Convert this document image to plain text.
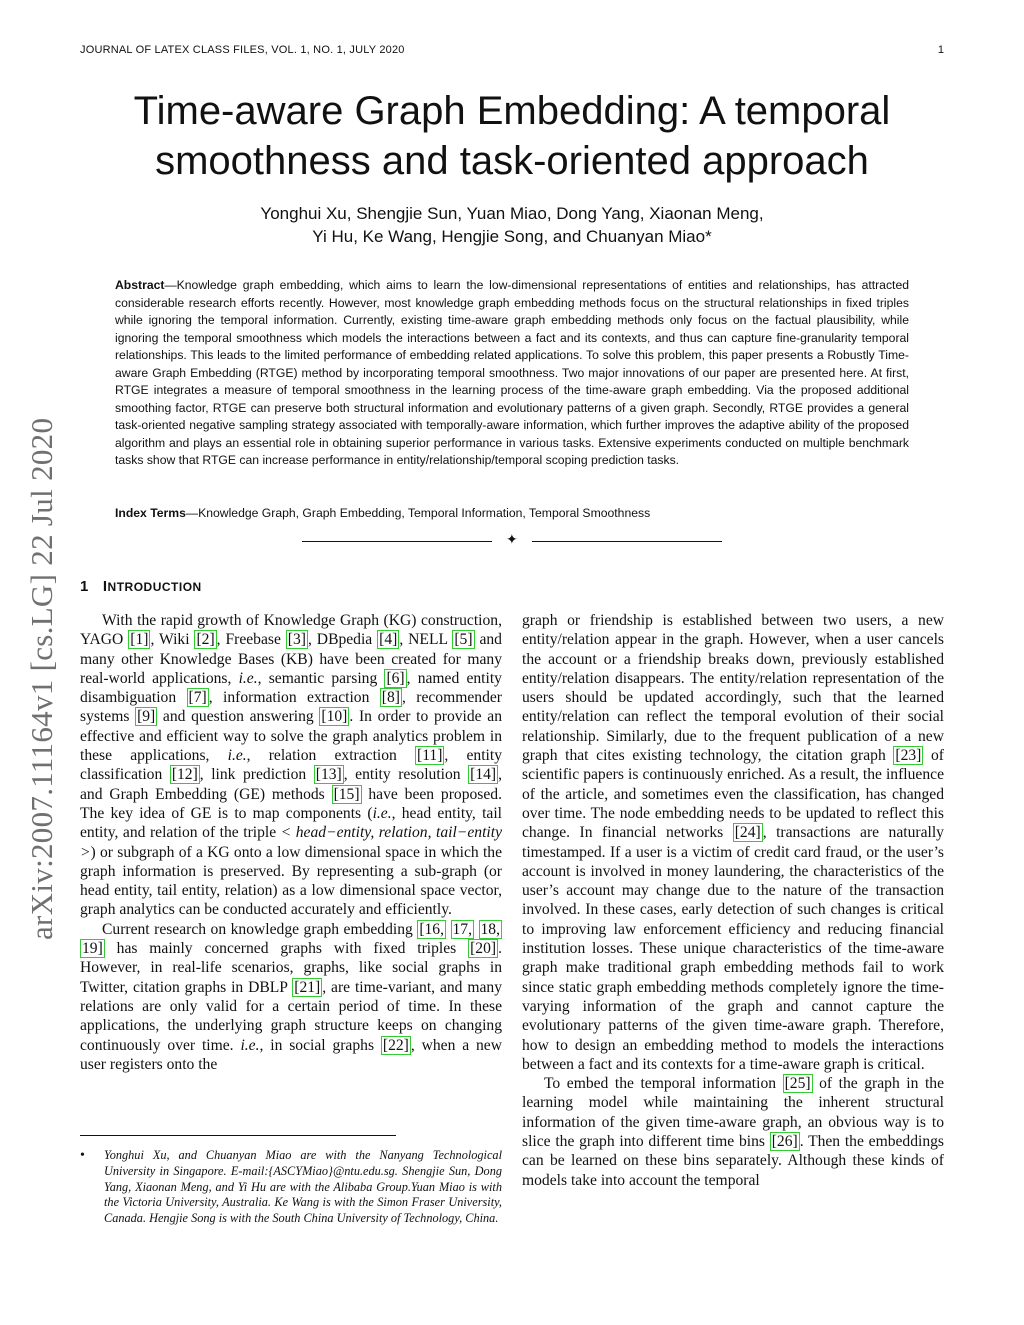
JOURNAL OF LATEX CLASS FILES, VOL. 1, NO. 1, JULY 2020	1
arXiv:2007.11164v1 [cs.LG] 22 Jul 2020
Time-aware Graph Embedding: A temporal
smoothness and task-oriented approach
Yonghui Xu, Shengjie Sun, Yuan Miao, Dong Yang, Xiaonan Meng,
Yi Hu, Ke Wang, Hengjie Song, and Chuanyan Miao*
Abstract—Knowledge graph embedding, which aims to learn the low-dimensional representations of entities and relationships, has attracted considerable research efforts recently. However, most knowledge graph embedding methods focus on the structural relationships in fixed triples while ignoring the temporal information. Currently, existing time-aware graph embedding methods only focus on the factual plausibility, while ignoring the temporal smoothness which models the interactions between a fact and its contexts, and thus can capture fine-granularity temporal relationships. This leads to the limited performance of embedding related applications. To solve this problem, this paper presents a Robustly Time-aware Graph Embedding (RTGE) method by incorporating temporal smoothness. Two major innovations of our paper are presented here. At first, RTGE integrates a measure of temporal smoothness in the learning process of the time-aware graph embedding. Via the proposed additional smoothing factor, RTGE can preserve both structural information and evolutionary patterns of a given graph. Secondly, RTGE provides a general task-oriented negative sampling strategy associated with temporally-aware information, which further improves the adaptive ability of the proposed algorithm and plays an essential role in obtaining superior performance in various tasks. Extensive experiments conducted on multiple benchmark tasks show that RTGE can increase performance in entity/relationship/temporal scoping prediction tasks.
Index Terms—Knowledge Graph, Graph Embedding, Temporal Information, Temporal Smoothness
✦
1 INTRODUCTION

With the rapid growth of Knowledge Graph (KG) construction, YAGO [1] , Wiki [2] , Freebase [3] , DBpedia [4] , NELL [5] and many other Knowledge Bases (KB) have been created for many real-world applications, i.e., semantic parsing [6] , named entity disambiguation [7] , information extraction [8] , recommender systems [9] and question answering [10] . In order to provide an effective and efficient way to solve the graph analytics problem in these applications, i.e., relation extraction [11] , entity classification [12] , link prediction [13] , entity resolution [14] , and Graph Embedding (GE) methods [15] have been proposed. The key idea of GE is to map components (i.e., head entity, tail entity, and relation of the triple < head−entity, relation, tail−entity >) or subgraph of a KG onto a low dimensional space in which the graph information is preserved. By representing a sub-graph (or head entity, tail entity, relation) as a low dimensional space vector, graph analytics can be conducted accurately and efficiently.

Current research on knowledge graph embedding [16, 17, 18, 19] has mainly concerned graphs with fixed triples [20] . However, in real-life scenarios, graphs, like social graphs in Twitter, citation graphs in DBLP [21] , are time-variant, and many relations are only valid for a certain period of time. In these applications, the underlying graph structure keeps on changing continuously over time. i.e., in social graphs [22] , when a new user registers onto the

graph or friendship is established between two users, a new entity/relation appear in the graph. However, when a user cancels the account or a friendship breaks down, previously established entity/relation disappears. The entity/relation representation of the users should be updated accordingly, such that the learned entity/relation can reflect the temporal evolution of their social relationship. Similarly, due to the frequent publication of a new graph that cites existing technology, the citation graph [23] of scientific papers is continuously enriched. As a result, the influence of the article, and sometimes even the classification, has changed over time. The node embedding needs to be updated to reflect this change. In financial networks [24] , transactions are naturally timestamped. If a user is a victim of credit card fraud, or the user’s account is involved in money laundering, the characteristics of the user’s account may change due to the nature of the transaction involved. In these cases, early detection of such changes is critical to improving law enforcement efficiency and reducing financial institution losses. These unique characteristics of the time-aware graph make traditional graph embedding methods fail to work since static graph embedding methods completely ignore the time-varying information of the graph and cannot capture the evolutionary patterns of the given time-aware graph. Therefore, how to design an embedding method to models the interactions between a fact and its contexts for a time-aware graph is critical.

To embed the temporal information [25] of the graph in the learning model while maintaining the inherent structural information of the given time-aware graph, an obvious way is to slice the graph into different time bins [26] . Then the embeddings can be learned on these bins separately. Although these kinds of models take into account the temporal

• Yonghui Xu, and Chuanyan Miao are with the Nanyang Technological University in Singapore. E-mail:{ASCYMiao}@ntu.edu.sg. Shengjie Sun, Dong Yang, Xiaonan Meng, and Yi Hu are with the Alibaba Group.Yuan Miao is with the Victoria University, Australia. Ke Wang is with the Simon Fraser University, Canada. Hengjie Song is with the South China University of Technology, China.
